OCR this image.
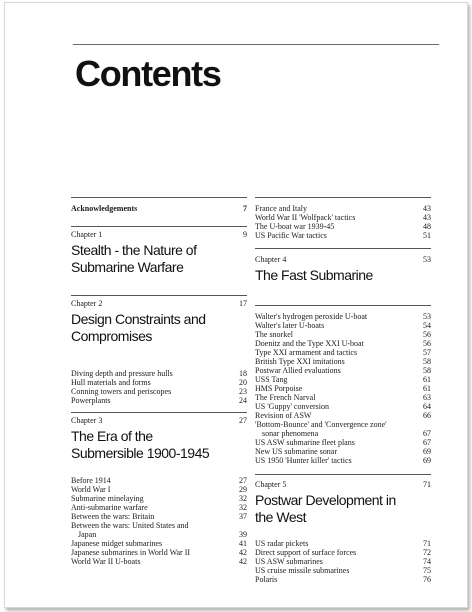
Contents
Acknowledgements	7
Chapter 1	9
Stealth - the Nature of Submarine Warfare
Chapter 2	17
Design Constraints and Compromises
Diving depth and pressure hulls	18
Hull materials and forms	20
Conning towers and periscopes	23
Powerplants	24
Chapter 3	27
The Era of the Submersible 1900-1945
Before 1914	27
World War I	29
Submarine minelaying	32
Anti-submarine warfare	32
Between the wars: Britain	37
Between the wars: United States and
Japan	39
Japanese midget submarines	41
Japanese submarines in World War II	42
World War II U-boats	42
France and Italy	43
World War II 'Wolfpack' tactics	43
The U-boat war 1939-45	48
US Pacific War tactics	51
Chapter 4	53
The Fast Submarine
Walter's hydrogen peroxide U-boat	53
Walter's later U-boats	54
The snorkel	56
Doenitz and the Type XXI U-boat	56
Type XXI armament and tactics	57
British Type XXI imitations	58
Postwar Allied evaluations	58
USS Tang	61
HMS Porpoise	61
The French Narval	63
US 'Guppy' conversion	64
Revision of ASW	66
'Bottom-Bounce' and 'Convergence zone'
sonar phenomena	67
US ASW submarine fleet plans	67
New US submarine sonar	69
US 1950 'Hunter killer' tactics	69
Chapter 5	71
Postwar Development in the West
US radar pickets	71
Direct support of surface forces	72
US ASW submarines	74
US cruise missile submarines	75
Polaris	76
